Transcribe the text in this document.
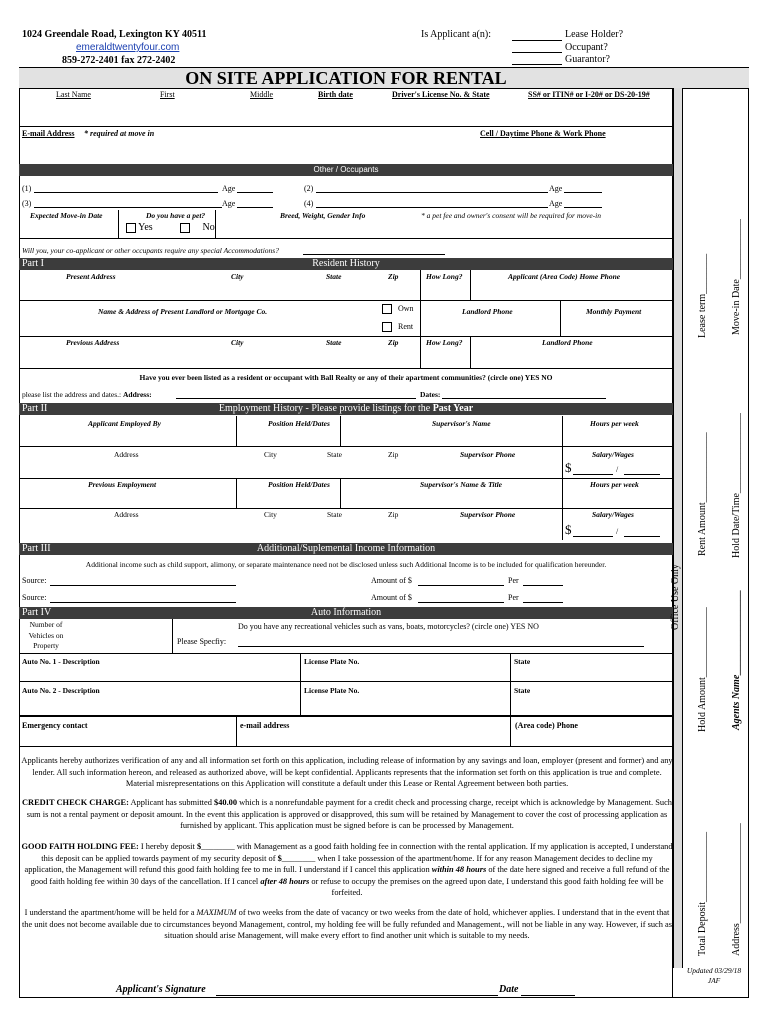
1024 Greendale Road, Lexington KY 40511
emeraldtwentyfour.com
859-272-2401 fax 272-2402
Is Applicant a(n):	Lease Holder?
Occupant?
Guarantor?
ON SITE APPLICATION FOR RENTAL
Last Name	First	Middle	Birth date	Driver's License No. & State	SS# or ITIN# or I-20# or DS-20-19#
E-mail Address * required at move in	Cell / Daytime Phone & Work Phone
Other / Occupants
(1)	Age	(2)	Age
(3)	Age	(4)	Age
Expected Move-in Date	Do you have a pet?	Breed, Weight, Gender Info	* a pet fee and owner's consent will be required for move-in
Yes	No
Will you, your co-applicant or other occupants require any special Accommodations?
Part I	Resident History
Present Address	City	State	Zip	How Long?	Applicant (Area Code) Home Phone
Name & Address of Present Landlord or Mortgage Co.	Own
Rent
Landlord Phone	Monthly Payment
Previous Address	City	State	Zip	How Long?	Landlord Phone
Have you ever been listed as a resident or occupant with Ball Realty or any of their apartment communities? (circle one) YES NO
please list the address and dates.: Address:	Dates:
Part II	Employment History - Please provide listings for the Past Year
Applicant Employed By	Position Held/Dates	Supervisor's Name	Hours per week
Address	City	State	Zip	Supervisor Phone	Salary/Wages
$	/
Previous Employment	Position Held/Dates	Supervisor's Name & Title	Hours per week
Address	City	State	Zip	Supervisor Phone	Salary/Wages
$	/
Part III	Additional/Suplemental Income Information
Additional income such as child support, alimony, or separate maintenance need not be disclosed unless such Additional Income is to be included for qualification hereunder.
Source:	Amount of $	Per
Source:	Amount of $	Per
Part IV	Auto Information
Number of
Vehicles on
Property
Do you have any recreational vehicles such as vans, boats, motorcycles? (circle one) YES NO
Please Specfiy:
Auto No. 1 - Description	License Plate No.	State
Auto No. 2 - Description	License Plate No.	State
Emergency contact	e-mail address	(Area code) Phone
Applicants hereby authorizes verification of any and all information set forth on this application, including release of information by any savings and loan, employer (present and former) and any lender. All such information hereon, and released as authorized above, will be kept confidential. Applicants represents that the information set forth on this application is true and complete. Material misrepresentations on this Application will constitute a default under this Lease or Rental Agreement between both parties.
CREDIT CHECK CHARGE: Applicant has submitted $40.00 which is a nonrefundable payment for a credit check and processing charge, receipt which is acknowledge by Management. Such sum is not a rental payment or deposit amount. In the event this application is approved or disapproved, this sum will be retained by Management to cover the cost of processing application as furnished by applicant. This application must be signed before is can be processed by Management.
GOOD FAITH HOLDING FEE: I hereby deposit $________ with Management as a good faith holding fee in connection with the rental application. If my application is accepted, I understand this deposit can be applied towards payment of my security deposit of $________ when I take possession of the apartment/home. If for any reason Management decides to decline my application, the Management will refund this good faith holding fee to me in full. I understand if I cancel this application within 48 hours of the date here signed and receive a full refund of the good faith holding fee within 30 days of the cancellation. If I cancel after 48 hours or refuse to occupy the premises on the agreed upon date, I understand this good faith holding fee will be forfeited.
I understand the apartment/home will be held for a MAXIMUM of two weeks from the date of vacancy or two weeks from the date of hold, whichever applies. I understand that in the event that the unit does not become available due to circumstances beyond Management, control, my holding fee will be fully refunded and Management., will not be liable in any way. However, if such as situation should arise Management, will make every effort to find another unit which is suitable to my needs.
Applicant's Signature	Date
Office Use Only
Lease term________
Move-in Date____________
Rent Amount______________
Hold Date/Time________________
Hold Amount______________
Agents Name_________________
Total Deposit______________
Address____________________
Updated 03/29/18
JAF
